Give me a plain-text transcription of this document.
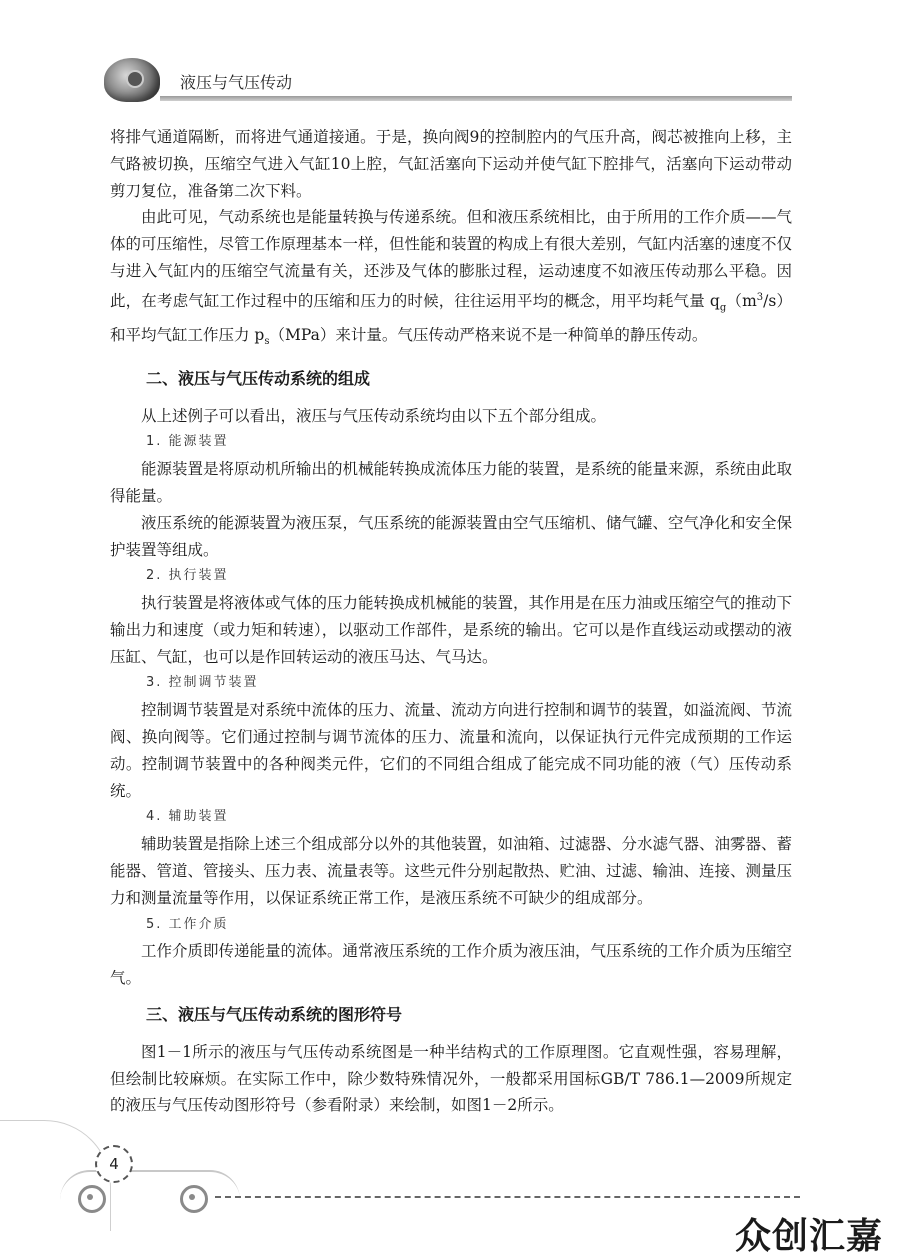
液压与气压传动

将排气通道隔断，而将进气通道接通。于是，换向阀9的控制腔内的气压升高，阀芯被推向上移，主气路被切换，压缩空气进入气缸10上腔，气缸活塞向下运动并使气缸下腔排气，活塞向下运动带动剪刀复位，准备第二次下料。

由此可见，气动系统也是能量转换与传递系统。但和液压系统相比，由于所用的工作介质——气体的可压缩性，尽管工作原理基本一样，但性能和装置的构成上有很大差别，气缸内活塞的速度不仅与进入气缸内的压缩空气流量有关，还涉及气体的膨胀过程，运动速度不如液压传动那么平稳。因此，在考虑气缸工作过程中的压缩和压力的时候，往往运用平均的概念，用平均耗气量 $q_g(m^3/s)$和平均气缸工作压力 $p_s(MPa)$来计量。气压传动严格来说不是一种简单的静压传动。

二、液压与气压传动系统的组成

从上述例子可以看出，液压与气压传动系统均由以下五个部分组成。

1. 能源装置

能源装置是将原动机所输出的机械能转换成流体压力能的装置，是系统的能量来源，系统由此取得能量。

液压系统的能源装置为液压泵，气压系统的能源装置由空气压缩机、储气罐、空气净化和安全保护装置等组成。

2. 执行装置

执行装置是将液体或气体的压力能转换成机械能的装置，其作用是在压力油或压缩空气的推动下输出力和速度（或力矩和转速），以驱动工作部件，是系统的输出。它可以是作直线运动或摆动的液压缸、气缸，也可以是作回转运动的液压马达、气马达。

3. 控制调节装置

控制调节装置是对系统中流体的压力、流量、流动方向进行控制和调节的装置，如溢流阀、节流阀、换向阀等。它们通过控制与调节流体的压力、流量和流向，以保证执行元件完成预期的工作运动。控制调节装置中的各种阀类元件，它们的不同组合组成了能完成不同功能的液（气）压传动系统。

4. 辅助装置

辅助装置是指除上述三个组成部分以外的其他装置，如油箱、过滤器、分水滤气器、油雾器、蓄能器、管道、管接头、压力表、流量表等。这些元件分别起散热、贮油、过滤、输油、连接、测量压力和测量流量等作用，以保证系统正常工作，是液压系统不可缺少的组成部分。

5. 工作介质

工作介质即传递能量的流体。通常液压系统的工作介质为液压油，气压系统的工作介质为压缩空气。

三、液压与气压传动系统的图形符号

图1－1所示的液压与气压传动系统图是一种半结构式的工作原理图。它直观性强，容易理解，但绘制比较麻烦。在实际工作中，除少数特殊情况外，一般都采用国标GB/T 786.1—2009所规定的液压与气压传动图形符号（参看附录）来绘制，如图1－2所示。

4
众创汇嘉
